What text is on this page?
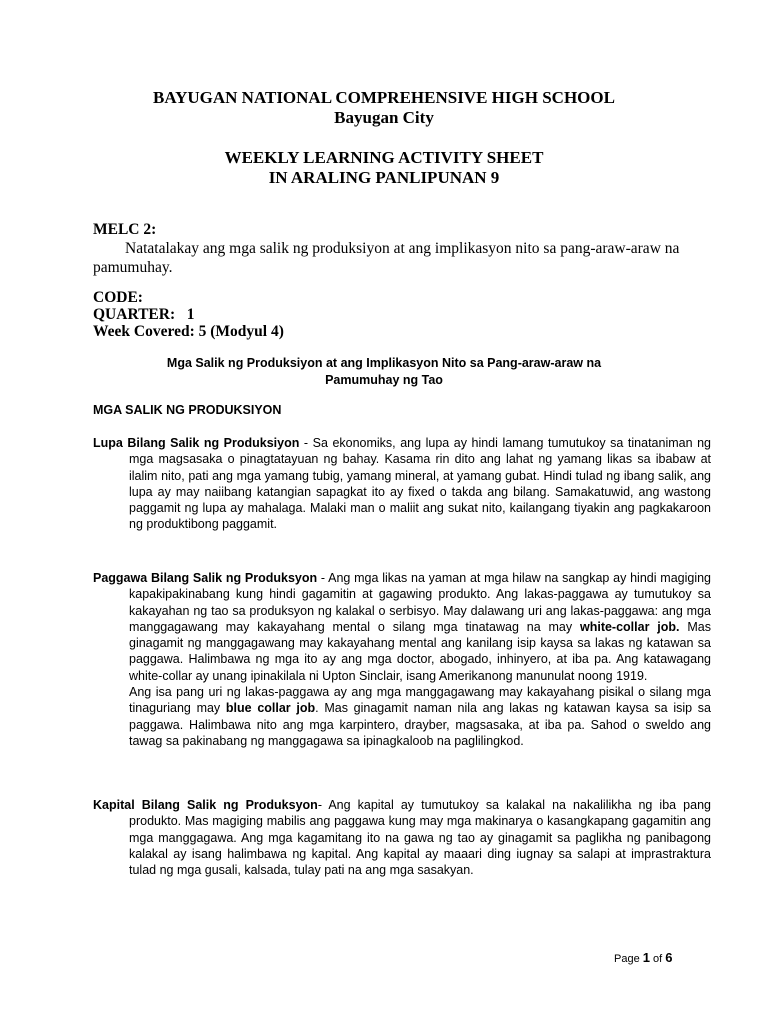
BAYUGAN NATIONAL COMPREHENSIVE HIGH SCHOOL
Bayugan City
WEEKLY LEARNING ACTIVITY SHEET
IN ARALING PANLIPUNAN 9
MELC 2:
Natatalakay ang mga salik ng produksiyon at ang implikasyon nito sa pang-araw-araw na pamumuhay.
CODE:
QUARTER:   1
Week Covered: 5 (Modyul 4)
Mga Salik ng Produksiyon at ang Implikasyon Nito sa Pang-araw-araw na
Pamumuhay ng Tao
MGA SALIK NG PRODUKSIYON
Lupa Bilang Salik ng Produksiyon - Sa ekonomiks, ang lupa ay hindi lamang tumutukoy sa tinataniman ng mga magsasaka o pinagtatayuan ng bahay. Kasama rin dito ang lahat ng yamang likas sa ibabaw at ilalim nito, pati ang mga yamang tubig, yamang mineral, at yamang gubat. Hindi tulad ng ibang salik, ang lupa ay may naiibang katangian sapagkat ito ay fixed o takda ang bilang. Samakatuwid, ang wastong paggamit ng lupa ay mahalaga. Malaki man o maliit ang sukat nito, kailangang tiyakin ang pagkakaroon ng produktibong paggamit.
Paggawa Bilang Salik ng Produksyon - Ang mga likas na yaman at mga hilaw na sangkap ay hindi magiging kapakipakinabang kung hindi gagamitin at gagawing produkto. Ang lakas-paggawa ay tumutukoy sa kakayahan ng tao sa produksyon ng kalakal o serbisyo. May dalawang uri ang lakas-paggawa: ang mga manggagawang may kakayahang mental o silang mga tinatawag na may white-collar job. Mas ginagamit ng manggagawang may kakayahang mental ang kanilang isip kaysa sa lakas ng katawan sa paggawa. Halimbawa ng mga ito ay ang mga doctor, abogado, inhinyero, at iba pa. Ang katawagang white-collar ay unang ipinakilala ni Upton Sinclair, isang Amerikanong manunulat noong 1919.
Ang isa pang uri ng lakas-paggawa ay ang mga manggagawang may kakayahang pisikal o silang mga tinaguriang may blue collar job. Mas ginagamit naman nila ang lakas ng katawan kaysa sa isip sa paggawa. Halimbawa nito ang mga karpintero, drayber, magsasaka, at iba pa. Sahod o sweldo ang tawag sa pakinabang ng manggagawa sa ipinagkaloob na paglilingkod.
Kapital Bilang Salik ng Produksyon- Ang kapital ay tumutukoy sa kalakal na nakalilikha ng iba pang produkto. Mas magiging mabilis ang paggawa kung may mga makinarya o kasangkapang gagamitin ang mga manggagawa. Ang mga kagamitang ito na gawa ng tao ay ginagamit sa paglikha ng panibagong kalakal ay isang halimbawa ng kapital. Ang kapital ay maaari ding iugnay sa salapi at imprastraktura tulad ng mga gusali, kalsada, tulay pati na ang mga sasakyan.
Page 1 of 6
